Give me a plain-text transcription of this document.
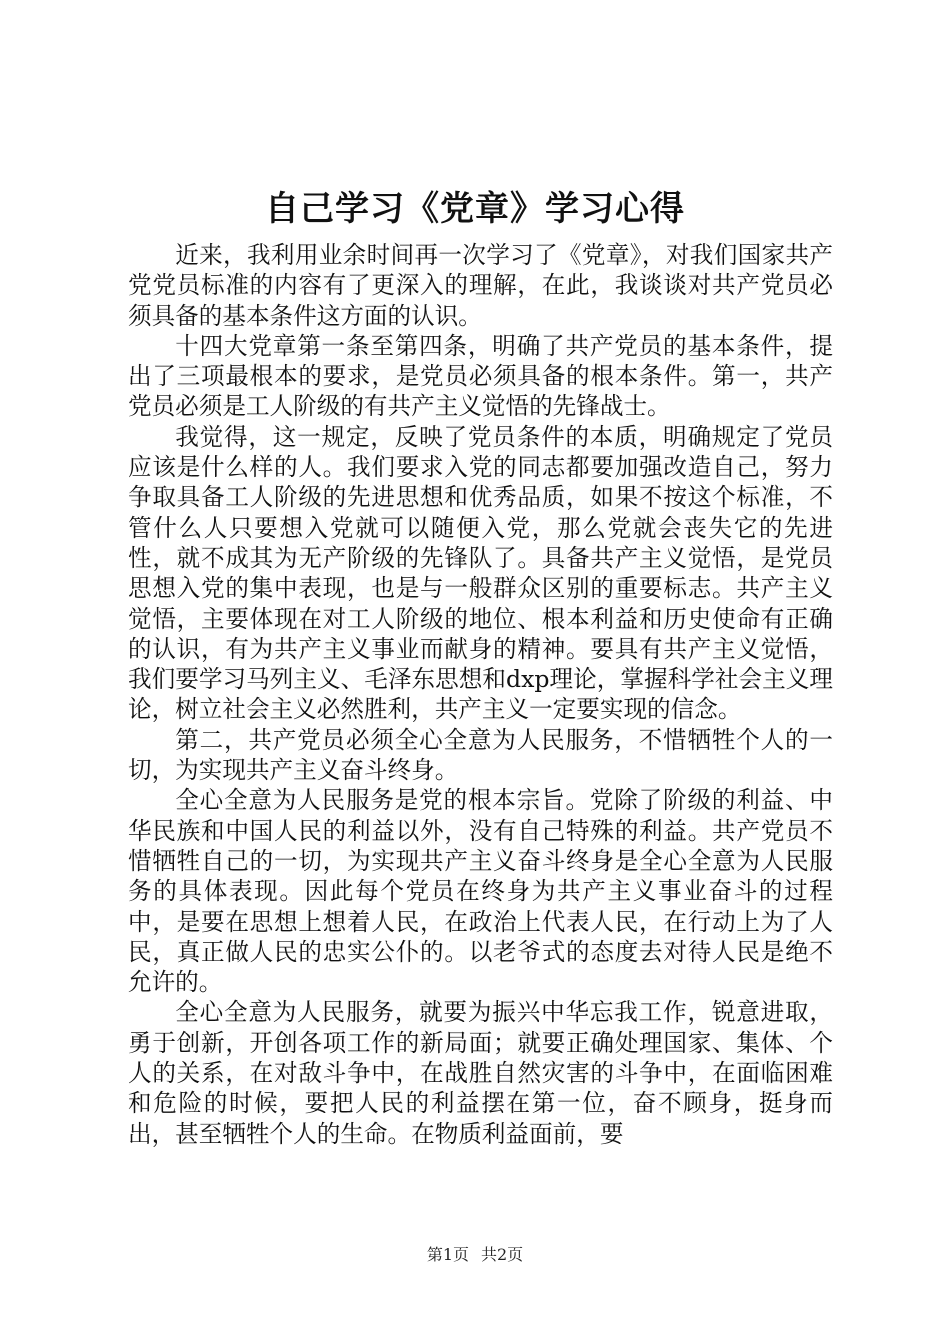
自己学习《党章》学习心得

近来，我利用业余时间再一次学习了《党章》，对我们国家共产党党员标准的内容有了更深入的理解，在此，我谈谈对共产党员必须具备的基本条件这方面的认识。

十四大党章第一条至第四条，明确了共产党员的基本条件，提出了三项最根本的要求，是党员必须具备的根本条件。第一，共产党员必须是工人阶级的有共产主义觉悟的先锋战士。

我觉得，这一规定，反映了党员条件的本质，明确规定了党员应该是什么样的人。我们要求入党的同志都要加强改造自己，努力争取具备工人阶级的先进思想和优秀品质，如果不按这个标准，不管什么人只要想入党就可以随便入党，那么党就会丧失它的先进性，就不成其为无产阶级的先锋队了。具备共产主义觉悟，是党员思想入党的集中表现，也是与一般群众区别的重要标志。共产主义觉悟，主要体现在对工人阶级的地位、根本利益和历史使命有正确的认识，有为共产主义事业而献身的精神。要具有共产主义觉悟，我们要学习马列主义、毛泽东思想和dxp理论，掌握科学社会主义理论，树立社会主义必然胜利，共产主义一定要实现的信念。

第二，共产党员必须全心全意为人民服务，不惜牺牲个人的一切，为实现共产主义奋斗终身。

全心全意为人民服务是党的根本宗旨。党除了阶级的利益、中华民族和中国人民的利益以外，没有自己特殊的利益。共产党员不惜牺牲自己的一切，为实现共产主义奋斗终身是全心全意为人民服务的具体表现。因此每个党员在终身为共产主义事业奋斗的过程中，是要在思想上想着人民，在政治上代表人民，在行动上为了人民，真正做人民的忠实公仆的。以老爷式的态度去对待人民是绝不允许的。

全心全意为人民服务，就要为振兴中华忘我工作，锐意进取，勇于创新，开创各项工作的新局面；就要正确处理国家、集体、个人的关系，在对敌斗争中，在战胜自然灾害的斗争中，在面临困难和危险的时候，要把人民的利益摆在第一位，奋不顾身，挺身而出，甚至牺牲个人的生命。在物质利益面前，要

第1页 共2页
